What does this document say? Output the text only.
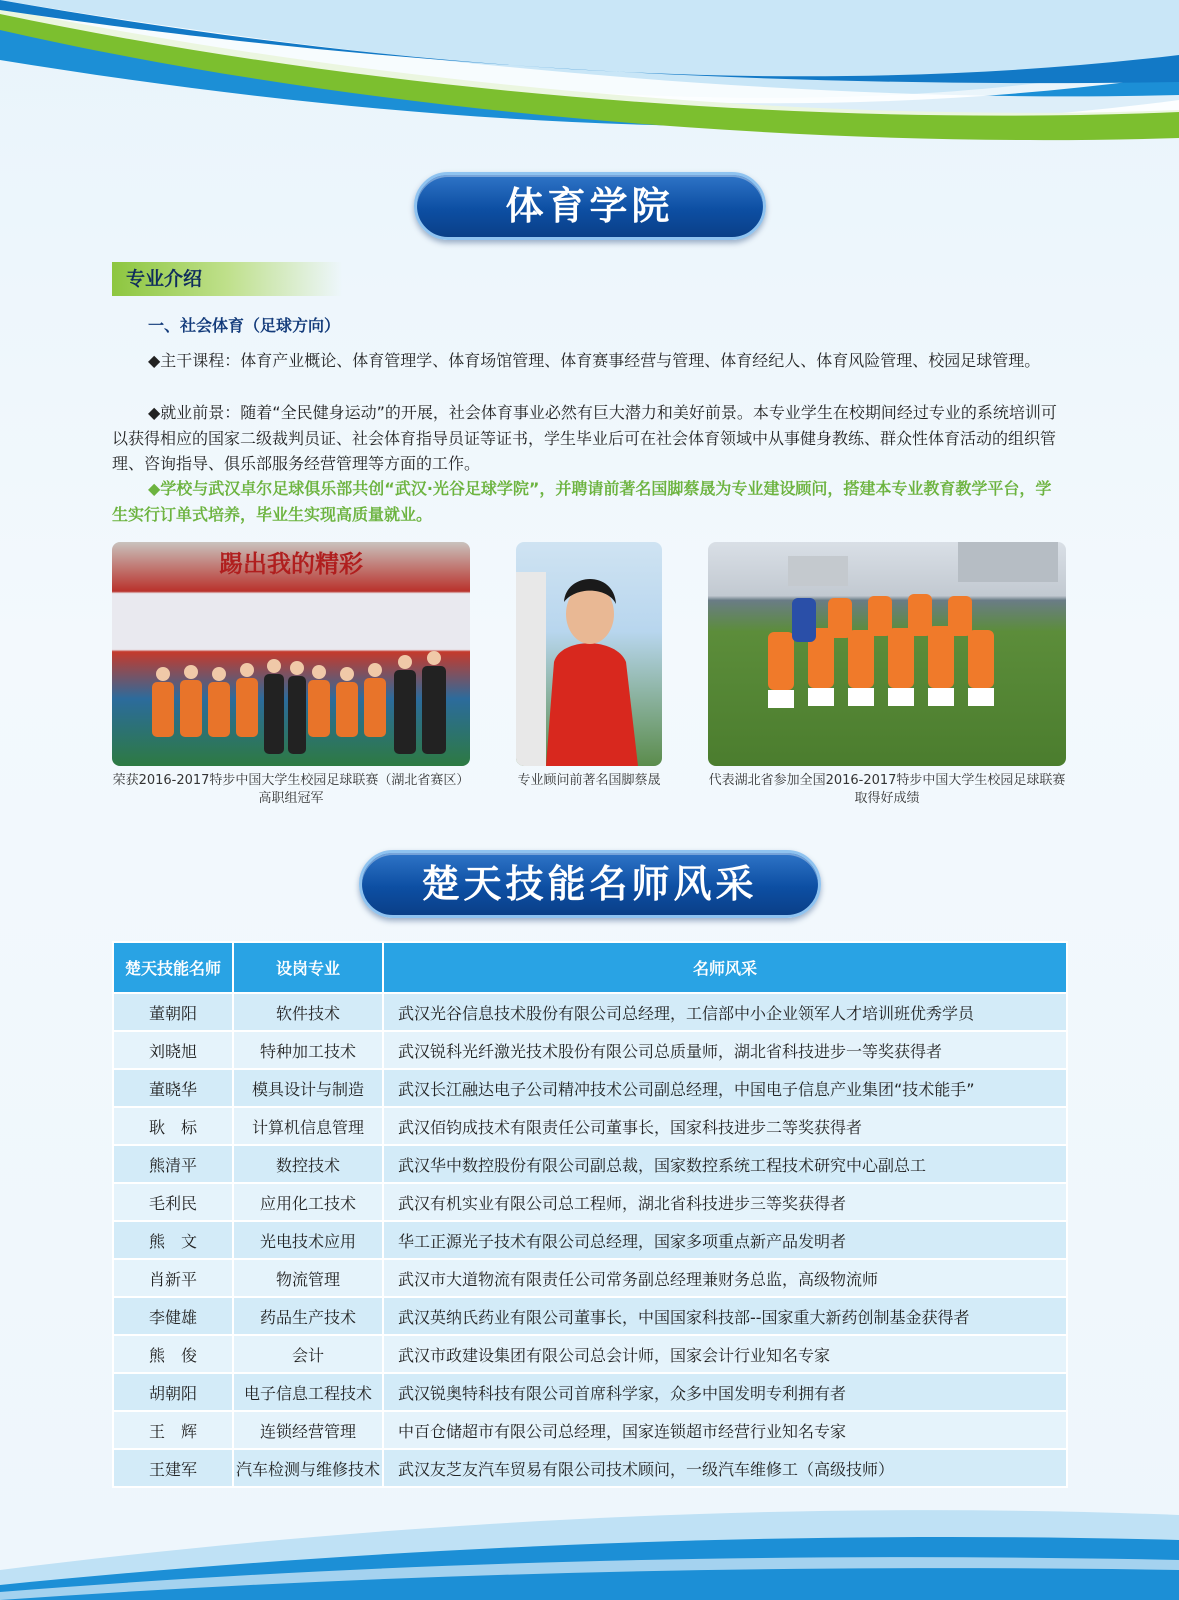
体育学院
专业介绍
一、社会体育（足球方向）
◆主干课程：体育产业概论、体育管理学、体育场馆管理、体育赛事经营与管理、体育经纪人、体育风险管理、校园足球管理。
◆就业前景：随着“全民健身运动”的开展，社会体育事业必然有巨大潜力和美好前景。本专业学生在校期间经过专业的系统培训可以获得相应的国家二级裁判员证、社会体育指导员证等证书，学生毕业后可在社会体育领域中从事健身教练、群众性体育活动的组织管理、咨询指导、俱乐部服务经营管理等方面的工作。
◆学校与武汉卓尔足球俱乐部共创“武汉·光谷足球学院”，并聘请前著名国脚蔡晟为专业建设顾问，搭建本专业教育教学平台，学生实行订单式培养，毕业生实现高质量就业。
踢出我的精彩
荣获2016-2017特步中国大学生校园足球联赛（湖北省赛区）高职组冠军
专业顾问前著名国脚蔡晟	代表湖北省参加全国2016-2017特步中国大学生校园足球联赛取得好成绩
楚天技能名师风采
楚天技能名师	设岗专业	名师风采
董朝阳	软件技术	武汉光谷信息技术股份有限公司总经理，工信部中小企业领军人才培训班优秀学员
刘晓旭	特种加工技术	武汉锐科光纤激光技术股份有限公司总质量师，湖北省科技进步一等奖获得者
董晓华	模具设计与制造	武汉长江融达电子公司精冲技术公司副总经理，中国电子信息产业集团“技术能手”
耿　标	计算机信息管理	武汉佰钧成技术有限责任公司董事长，国家科技进步二等奖获得者
熊清平	数控技术	武汉华中数控股份有限公司副总裁，国家数控系统工程技术研究中心副总工
毛利民	应用化工技术	武汉有机实业有限公司总工程师，湖北省科技进步三等奖获得者
熊　文	光电技术应用	华工正源光子技术有限公司总经理，国家多项重点新产品发明者
肖新平	物流管理	武汉市大道物流有限责任公司常务副总经理兼财务总监，高级物流师
李健雄	药品生产技术	武汉英纳氏药业有限公司董事长，中国国家科技部--国家重大新药创制基金获得者
熊　俊	会计	武汉市政建设集团有限公司总会计师，国家会计行业知名专家
胡朝阳	电子信息工程技术	武汉锐奥特科技有限公司首席科学家，众多中国发明专利拥有者
王　辉	连锁经营管理	中百仓储超市有限公司总经理，国家连锁超市经营行业知名专家
王建军	汽车检测与维修技术	武汉友芝友汽车贸易有限公司技术顾问，一级汽车维修工（高级技师）
